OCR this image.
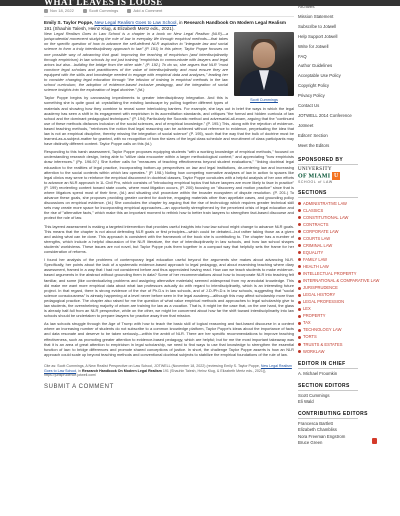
WHAT LEAVES IS LOOSE
Nov 18, 2022	Scott Cummings	Add a Comment
Emily S. Taylor Poppe, New Legal Realism Goes to Law School, in Research Handbook On Modern Legal Realism 191 (Shauhin Talesh, Heinz Klug, & Elizabeth Mertz eds., 2021).
Scott Cummings

New Legal Realism Goes to Law School is a chapter in a book on New Legal Realism (NLR)—a jurisprudential movement studying the role of law in everyday life through empirical methods—that takes on the specific question of how to advance the self-defined NLR aspiration to "integrate law and social science to form a truly interdisciplinary approach to law" (P. 191) In this piece, Taylor Poppe focuses on one possible way of advancing that goal: improving the teaching of empiricism (and interdisciplinarity through empiricism) in law schools by not just training "empiricists to communicate with lawyers and legal actors but also…building the bridge from the other side." (P. 192.) To do so, she argues that NLR "must convince legal scholars and practitioners of the value of interdisciplinarity and must ensure they are equipped with the skills and knowledge needed to engage with empirical data and analyses," leading her to consider changing legal education through "the infusion of training in empirical methods in the law school curriculum, the adoption of evidence-based inclusive pedagogy, and the integration of social science insights into the exploration of legal doctrine." (Id.)

Taylor Poppe begins by canvassing impediments to greater interdisciplinary integration. And this is something she is quite good at: crystallizing the existing landscape by pulling together different types of materials and showing how they combine to reveal some interlocking barriers. For example, she lays out in brief the ways in which the legal academy has seen a shift in its engagement with empiricism in its accreditation standards, and critiques "the formal and hidden curricula of law school and the dominant pedagogical techniques." (P. 194) Particularly the Socratic method and adversarial-all-exam, arguing that the "continued use of these methods disfavors inclusion of the social sciences, and of empirical knowledge." (P. 195.) This, along with the rejection of evidence-based teaching methods, "reinforces the notion that legal reasoning can be achieved without reference to evidence, perpetuating the idea that law is not an empirical discipline, thereby missing the integration of social science" (P. 195), such that the way that the bulk of doctrine must be learned-as-a-subject-matter for granted, with no recognition of how the sizes of the legal class schedule and recruitment of class participants may have distinctly different content. Taylor Poppe calls on this (Id.)

Responding to this harsh assessment, Taylor Poppe proposes equipping students "with a working knowledge of empirical methods," focused on understanding research design, being able to "utilize data encounter within a larger methodological context," and appreciating "how empiricists draw inferences." (Pp. 196-97.) She further calls for "measures of teaching effectiveness beyond student evaluations," "linking doctrinal legal education to the realities of legal practice, incorporating bottom-up perspectives on law and legal institutions, de-centering law and increasing attention to the social contexts within which law operates." (P. 198.) Noting how competing normative analyses of law in action to spaces like legal clinics may serve to reinforce the empirical disconnect in doctrinal classes, Taylor Poppe concludes with a helpful analysis of her own efforts to advance an NLR approach in 1L Civil Pro, which consists of "introducing empirical topics that future lawyers are more likely to face in practice" (P. 199) reorienting content toward state courts, where most litigation occurs, (P. 200) focusing on "discovery and motion practice" since that is where litigators spend most of their time, (Id.) and situating civil procedure within the broader ecosystem of dispute resolution. (P. 201.) To advance these goals, she proposes providing greater context for doctrine, engaging materials other than appellate cases, and grounding policy discussions on empirical evidence. (Id.) She concludes the chapter by arguing that the rise of technology which requires greater technical skill sets may create more space for incorporating empirical approaches—an opportunity strengthened by the perceived crisis of legal education and the rise of "alternative facts," which make this an important moment to rethink how to better train lawyers to strengthen fact-based discourse and protect the rule of law.

This layered assessment is making a targeted intervention that provides useful insights into how law school might change to advance NLR goals. This means that the chapter is not about defending NLR goals or first principles—which could be debated—but rather taking those as a given and asking what can be done. This approach is consistent with the framework of the book she is contributing to. The chapter has a number of strengths, which include a helpful discussion of the NLR literature, the rise of interdisciplinarity in law schools, and how law school shapes students' worldviews. These issues are not novel, but Taylor Poppe puts them together in a compact way that helpfully sets the frame for her consideration of reforms.

I found her analysis of the problems of contemporary legal education useful beyond the arguments she makes about advancing NLR. Specifically, her points about the lack of a systematic evidence-based approach to legal pedagogy, and about examining teaching where diary assessment, framed in a way that I had not considered before and thus appreciated having read. How can we teach students to make evidence-based arguments in the abstract without grounding them in data? Some of her recommendations about how to incorporate NLR into teaching felt familiar, and some (like contextualizing problems and assigning alternative materials) seemed widespread from my anecdotal knowledge. This did make me want more empirical data about what law professors actually do with regard to interdisciplinarity, which is an interesting future project. In that regard, there is strong evidence of the rise of Ph.D.s in law schools, and of J.D./Ph.D.s in law schools, suggesting that "social science consciousness" is already happening at a level never before seen in the legal academy—although this may affect scholarship more than pedagogical practice. The chapter also raised for me the question of what value empirical methods and approaches to legal scholarship give to law students, the overwhelming majority of whom are training for law as a vocation. That is, it might be the case that, on the one hand, the glass is already half-full from an NLR perspective, while on the other, we might be concerned about how far the shift toward interdisciplinarity into law schools should be undertaken to prepare lawyers for practice away from that mission.

As law schools struggle through the Age of Trump with how to teach the basic skill of logical reasoning and fact-based discourse in a context where an increasing number of students do not subscribe to a common knowledge platform, Taylor Poppe's ideas about the importance of facts and data resonate and deserve to be taken seriously—within the ambit of NLR. There are her specific recommendations to improve teaching effectiveness, such as promoting greater attention to evidence-based pedagogy, which are helpful; but for me the most important takeaway was that it is an area of great attention to empiricism in legal scholarship, we need to find ways to use that knowledge to strengthen the essential function of law: to bridge differences and promote shared conceptions of justice. In short, the challenge Taylor Poppe asserts is how an NLR approach could scale up beyond teaching methods and conventional doctrinal subjects to stabilize the empirical foundations of the rule of law.

Cite as: Scott Cummings, A New Realist Perspective on Law School, JOTWELL (November 18, 2022) (reviewing Emily S. Taylor Poppe, New Legal Realism Goes to Law School, in Research Handbook On Modern Legal Realism 191 (Shauhin Talesh, Heinz Klug, & Elizabeth Mertz eds., 2021)), https://jurisprudence.jotwell.com/
SUBMIT A COMMENT
Archives
Mission Statement
Subscribe to Jotwell
Help Support Jotwell
Write for Jotwell
FAQ
Author Guidelines
Acceptable Use Policy
Copyright Policy
Privacy Policy
Contact Us
JOTWELL 2014 Conference
Jotmeet
Editors' Section
Meet the Editors
SPONSORED BY
UNIVERSITY
OF MIAMI U
SCHOOL of LAW
SECTIONS
ADMINISTRATIVE LAW
CLASSICS
CONSTITUTIONAL LAW
CONTRACTS
CORPORATE LAW
COURTS LAW
CRIMINAL LAW
EQUALITY
FAMILY LAW
HEALTH LAW
INTELLECTUAL PROPERTY
INTERNATIONAL & COMPARATIVE LAW
JURISPRUDENCE
LEGAL HISTORY
LEGAL PROFESSION
LEX
PROPERTY
TAX
TECHNOLOGY LAW
TORTS
TRUSTS & ESTATES
WORKLAW
EDITOR IN CHIEF
A. Michael Froomkin
SECTION EDITORS
Scott Cummings
Eli Wald
CONTRIBUTING EDITORS
Francesca Bartlett
Elizabeth Chambliss
Nora Freeman Engstrom
Bruce Green
